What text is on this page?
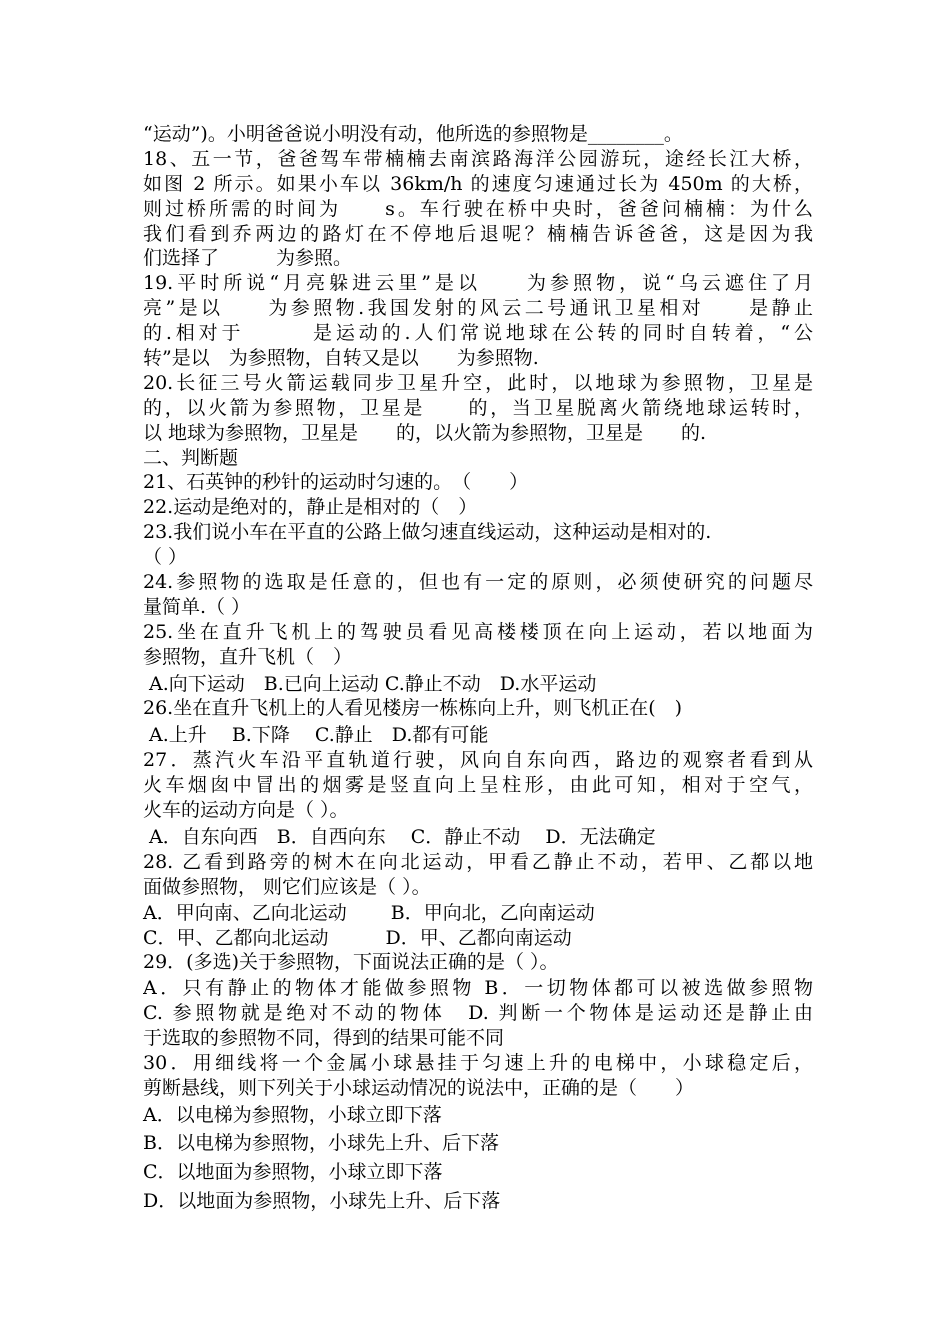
“运动”)。小明爸爸说小明没有动，他所选的参照物是________。
18、五一节，爸爸驾车带楠楠去南滨路海洋公园游玩，途经长江大桥，
如图 2 所示。如果小车以 36km/h 的速度匀速通过长为 450m 的大桥，
则过桥所需的时间为　　s。车行驶在桥中央时，爸爸问楠楠：为什么
我们看到乔两边的路灯在不停地后退呢？楠楠告诉爸爸，这是因为我
们选择了　　　为参照。
19.平时所说“月亮躲进云里”是以　　为参照物，说“乌云遮住了月
亮”是以　　为参照物.我国发射的风云二号通讯卫星相对　　是静止
的.相对于　　　是运动的.人们常说地球在公转的同时自转着，“公
转”是以　为参照物，自转又是以　　为参照物.
20.长征三号火箭运载同步卫星升空，此时，以地球为参照物，卫星是
的，以火箭为参照物，卫星是　　的，当卫星脱离火箭绕地球运转时，
以 地球为参照物，卫星是　　的，以火箭为参照物，卫星是　　的.
二、判断题
21、石英钟的秒针的运动时匀速的。　（　　）
22.运动是绝对的，静止是相对的（　）
23.我们说小车在平直的公路上做匀速直线运动，这种运动是相对的.
（ ）
24.参照物的选取是任意的，但也有一定的原则，必须使研究的问题尽
量简单.（ ）
25.坐在直升飞机上的驾驶员看见高楼楼顶在向上运动，若以地面为
参照物，直升飞机（　）
A.向下运动　B.已向上运动 C.静止不动　D.水平运动
26.坐在直升飞机上的人看见楼房一栋栋向上升，则飞机正在(　)
A.上升　 B.下降　 C.静止　D.都有可能
27．蒸汽火车沿平直轨道行驶，风向自东向西，路边的观察者看到从
火车烟囱中冒出的烟雾是竖直向上呈柱形，由此可知，相对于空气，
火车的运动方向是（ ）。
A．自东向西　B．自西向东　 C．静止不动　 D．无法确定
28. 乙看到路旁的树木在向北运动，甲看乙静止不动，若甲、乙都以地
面做参照物， 则它们应该是（ ）。
A．甲向南、乙向北运动　　 B．甲向北，乙向南运动
C．甲、乙都向北运动　　　D．甲、乙都向南运动
29．(多选)关于参照物，下面说法正确的是（ ）。
A．只有静止的物体才能做参照物 B．一切物体都可以被选做参照物
C. 参照物就是绝对不动的物体　D. 判断一个物体是运动还是静止由
于选取的参照物不同，得到的结果可能不同
30．用细线将一个金属小球悬挂于匀速上升的电梯中，小球稳定后，
剪断悬线，则下列关于小球运动情况的说法中，正确的是（　　）
A．以电梯为参照物，小球立即下落
B．以电梯为参照物，小球先上升、后下落
C．以地面为参照物，小球立即下落
D．以地面为参照物，小球先上升、后下落
